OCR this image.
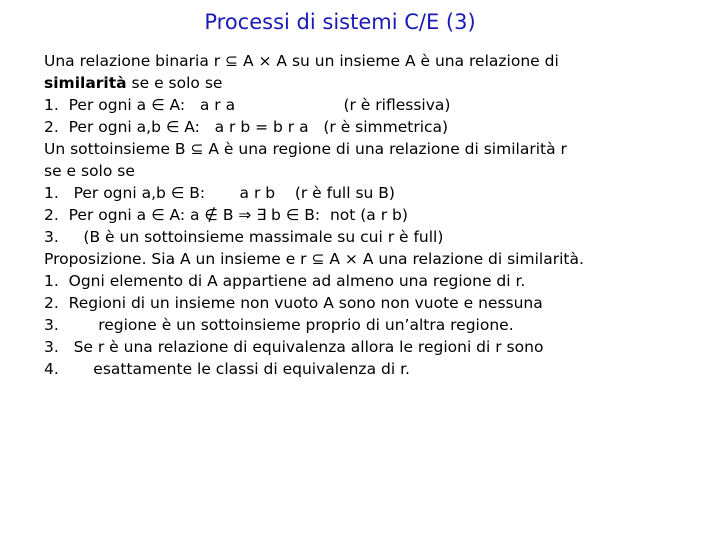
Processi di sistemi C/E (3)
Una relazione binaria r ⊆ A × A su un insieme A è una relazione di
similarità se e solo se
1.  Per ogni a ∈ A:   a r a                      (r è riflessiva)
2.  Per ogni a,b ∈ A:   a r b = b r a   (r è simmetrica)
Un sottoinsieme B ⊆ A è una regione di una relazione di similarità r
se e solo se
1.   Per ogni a,b ∈ B:       a r b    (r è full su B)
2.  Per ogni a ∈ A: a ∉ B ⇒ ∃ b ∈ B:  not (a r b)
3.     (B è un sottoinsieme massimale su cui r è full)
Proposizione. Sia A un insieme e r ⊆ A × A una relazione di similarità.
1.  Ogni elemento di A appartiene ad almeno una regione di r.
2.  Regioni di un insieme non vuoto A sono non vuote e nessuna
3.        regione è un sottoinsieme proprio di un’altra regione.
3.   Se r è una relazione di equivalenza allora le regioni di r sono
4.       esattamente le classi di equivalenza di r.
